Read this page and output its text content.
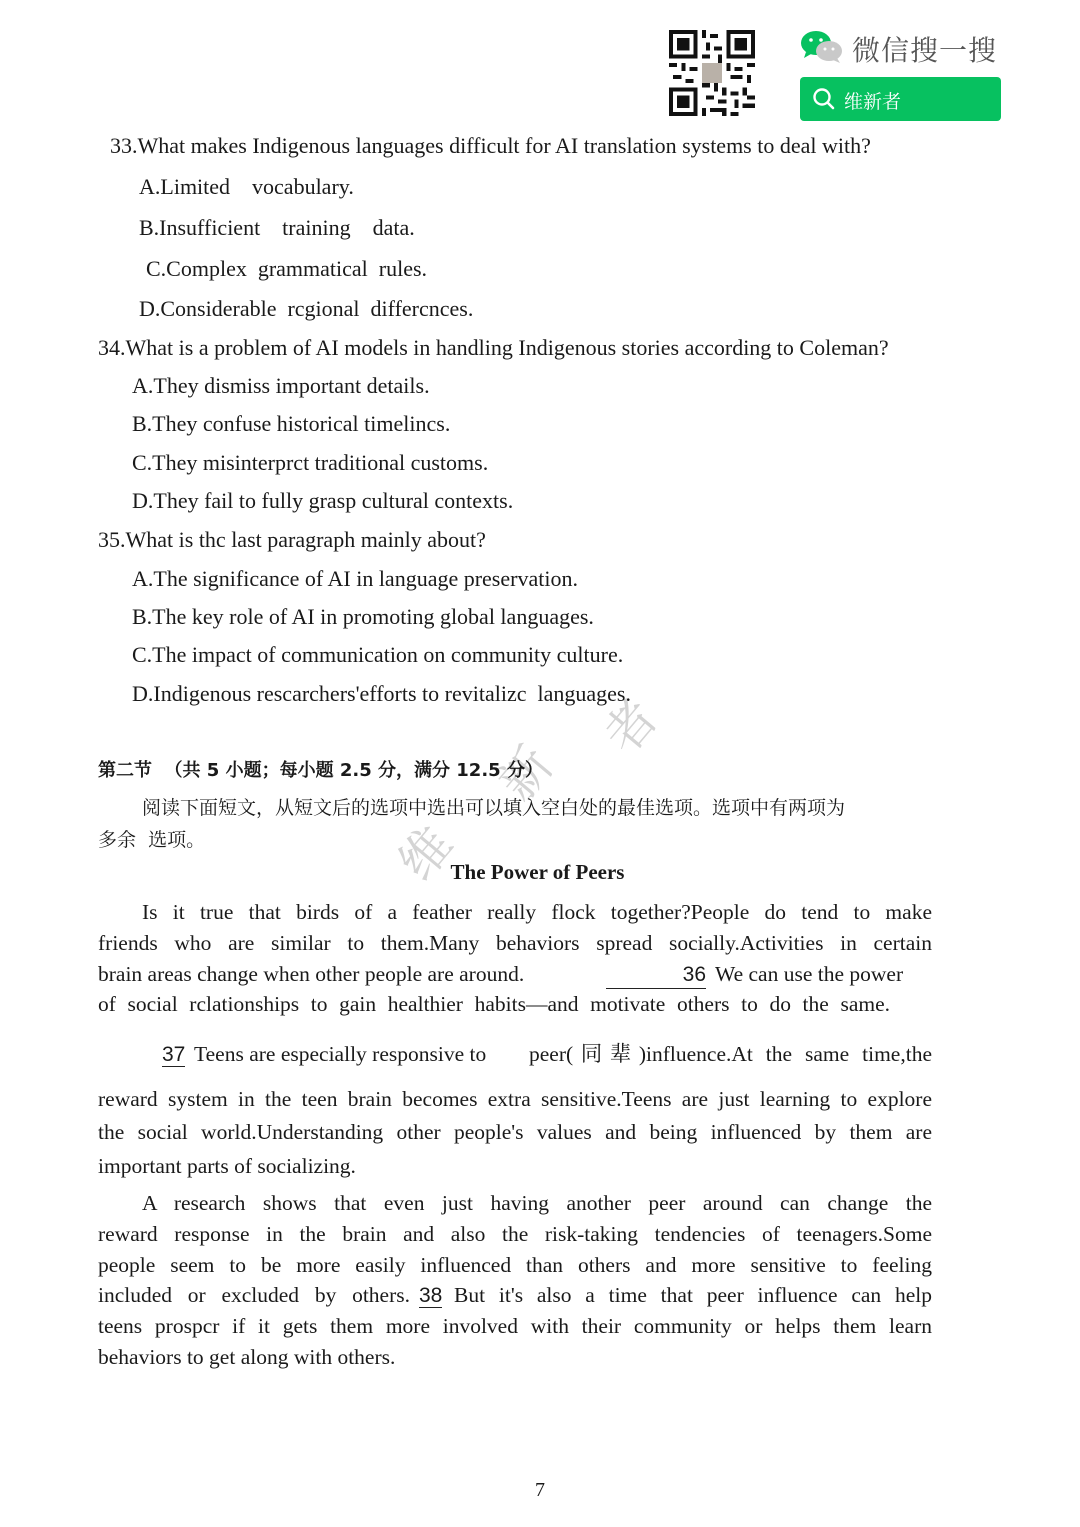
微信搜一搜
维新者
维
新
者
33.What makes Indigenous languages difficult for AI translation systems to deal with?
A.Limited    vocabulary.
B.Insufficient    training    data.
C.Complex  grammatical  rules.
D.Considerable  rcgional  differcnces.
34.What is a problem of AI models in handling Indigenous stories according to Coleman?
A.They dismiss important details.
B.They confuse historical timelincs.
C.They misinterprct traditional customs.
D.They fail to fully grasp cultural contexts.
35.What is thc last paragraph mainly about?
A.The significance of AI in language preservation.
B.The key role of AI in promoting global languages.
C.The impact of communication on community culture.
D.Indigenous rescarchers'efforts to revitalizc  languages.
第二节  （共 5 小题；每小题 2.5 分，满分 12.5 分）
阅读下面短文，从短文后的选项中选出可以填入空白处的最佳选项。选项中有两项为
多余  选项。
The Power of Peers
Is it true that birds of a feather really flock together?People do tend to make
friends who are similar to them.Many behaviors spread socially.Activities in certain
brain areas change when other people are around.	36 We can use the power
of social rclationships to gain healthier habits—and motivate others to do the same.
37 Teens are especially responsive to peer(同辈)influence.At the same time,the
reward system in the teen brain becomes extra sensitive.Teens are just learning to explore
the social world.Understanding other people's values and being influenced by them are
important parts of socializing.
A research shows that even just having another peer around can change the
reward response in the brain and also the risk-taking tendencies of teenagers.Some
people seem to be more easily influenced than others and more sensitive to feeling
included or excluded by others. 38 But it's also a time that peer influence can help
teens prospcr if it gets them more involved with their community or helps them learn
behaviors to get along with others.
7
